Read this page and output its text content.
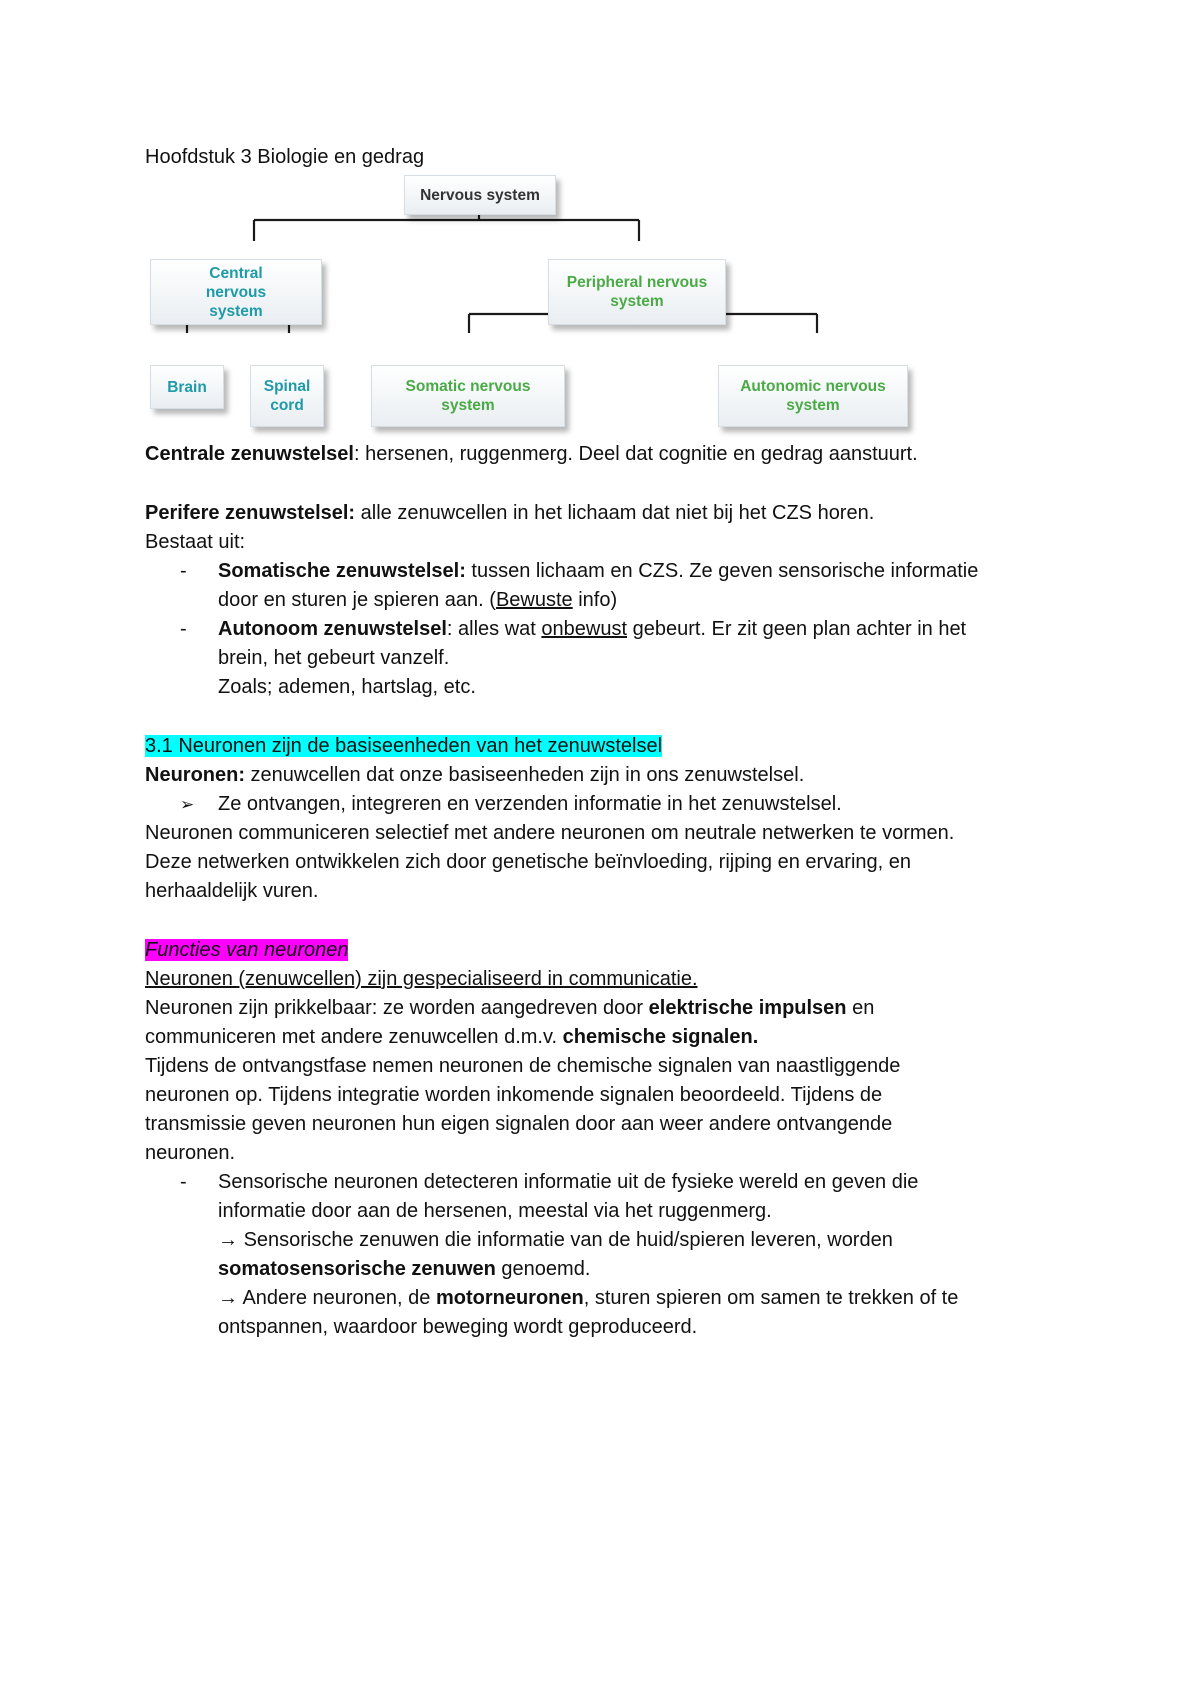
Hoofdstuk 3 Biologie en gedrag
Nervous system
Central nervous system
Peripheral nervous system
Brain	Spinal cord
Somatic nervous system
Autonomic nervous system
Centrale zenuwstelsel: hersenen, ruggenmerg. Deel dat cognitie en gedrag aanstuurt.
Perifere zenuwstelsel: alle zenuwcellen in het lichaam dat niet bij het CZS horen.
Bestaat uit:
- Somatische zenuwstelsel: tussen lichaam en CZS. Ze geven sensorische informatie
door en sturen je spieren aan. (Bewuste info)
- Autonoom zenuwstelsel: alles wat onbewust gebeurt. Er zit geen plan achter in het
brein, het gebeurt vanzelf.
Zoals; ademen, hartslag, etc.
3.1 Neuronen zijn de basiseenheden van het zenuwstelsel
Neuronen: zenuwcellen dat onze basiseenheden zijn in ons zenuwstelsel.
➢ Ze ontvangen, integreren en verzenden informatie in het zenuwstelsel.
Neuronen communiceren selectief met andere neuronen om neutrale netwerken te vormen.
Deze netwerken ontwikkelen zich door genetische beïnvloeding, rijping en ervaring, en
herhaaldelijk vuren.
Functies van neuronen
Neuronen (zenuwcellen) zijn gespecialiseerd in communicatie.
Neuronen zijn prikkelbaar: ze worden aangedreven door elektrische impulsen en
communiceren met andere zenuwcellen d.m.v. chemische signalen.
Tijdens de ontvangstfase nemen neuronen de chemische signalen van naastliggende
neuronen op. Tijdens integratie worden inkomende signalen beoordeeld. Tijdens de
transmissie geven neuronen hun eigen signalen door aan weer andere ontvangende
neuronen.
- Sensorische neuronen detecteren informatie uit de fysieke wereld en geven die
informatie door aan de hersenen, meestal via het ruggenmerg.
→ Sensorische zenuwen die informatie van de huid/spieren leveren, worden
somatosensorische zenuwen genoemd.
→ Andere neuronen, de motorneuronen, sturen spieren om samen te trekken of te
ontspannen, waardoor beweging wordt geproduceerd.
